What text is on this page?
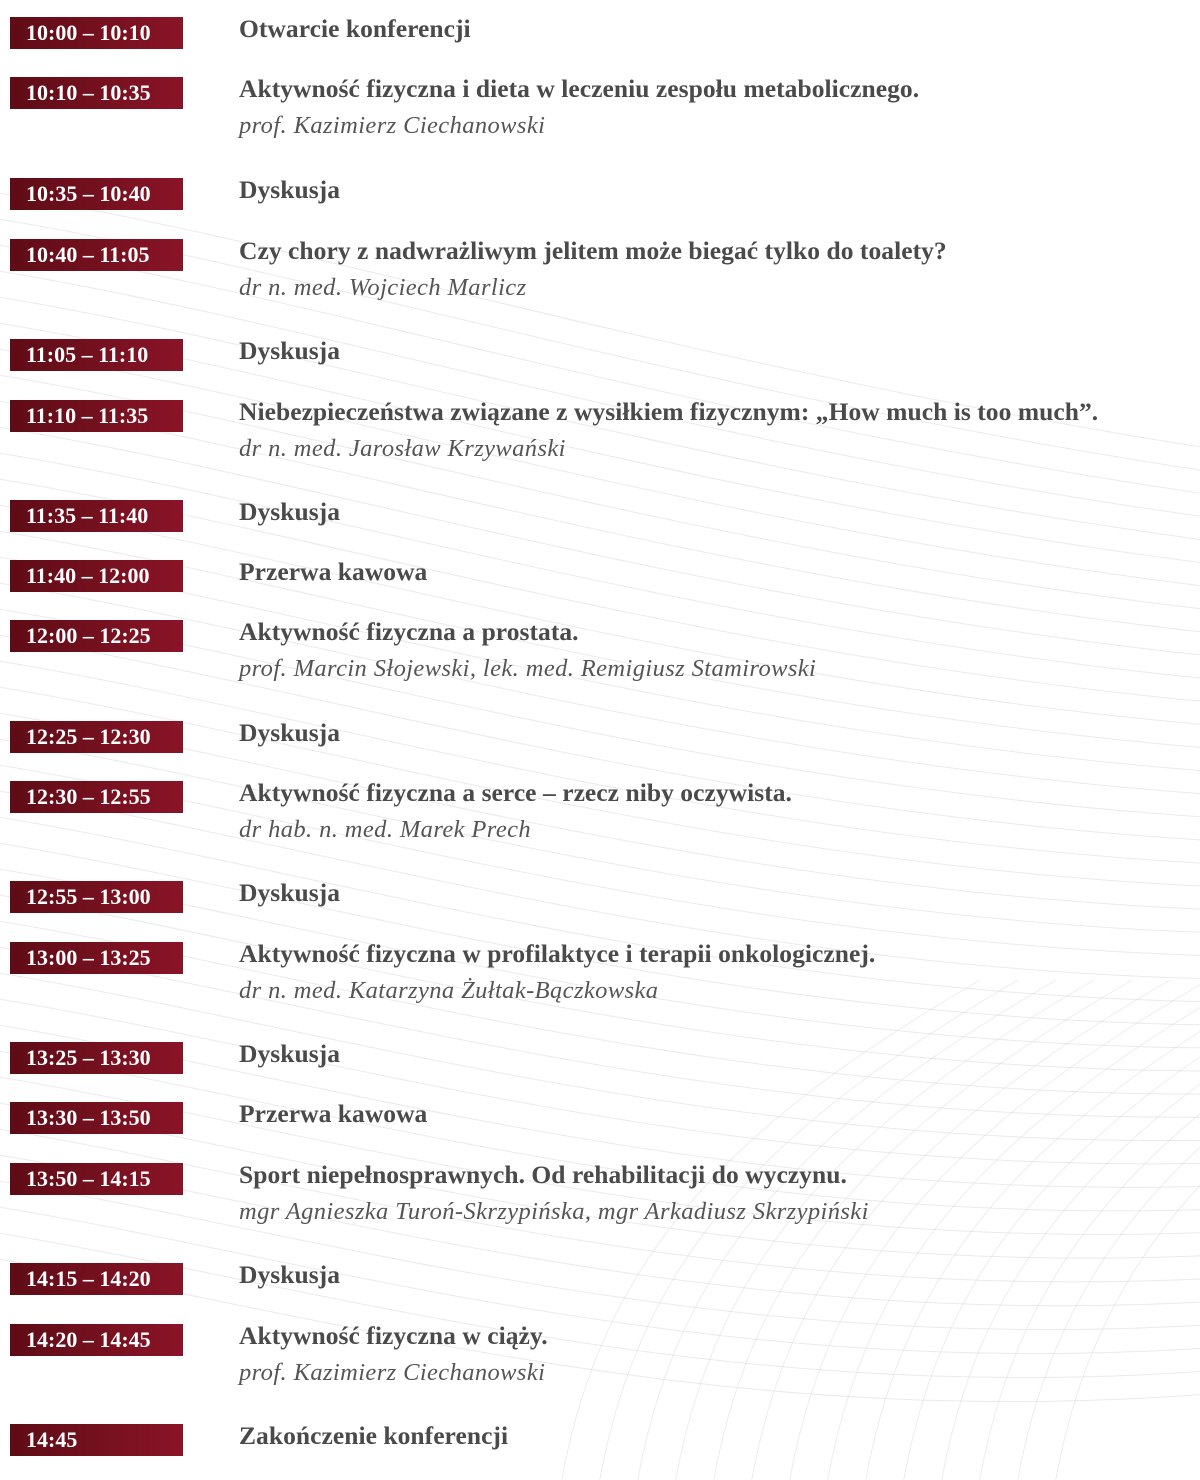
10:00 – 10:10	Otwarcie konferencji
10:10 – 10:35	Aktywność fizyczna i dieta w leczeniu zespołu metabolicznego.
prof. Kazimierz Ciechanowski
10:35 – 10:40	Dyskusja
10:40 – 11:05	Czy chory z nadwrażliwym jelitem może biegać tylko do toalety?
dr n. med. Wojciech Marlicz
11:05 – 11:10	Dyskusja
11:10 – 11:35	Niebezpieczeństwa związane z wysiłkiem fizycznym: „How much is too much”.
dr n. med. Jarosław Krzywański
11:35 – 11:40	Dyskusja
11:40 – 12:00	Przerwa kawowa
12:00 – 12:25	Aktywność fizyczna a prostata.
prof. Marcin Słojewski, lek. med. Remigiusz Stamirowski
12:25 – 12:30	Dyskusja
12:30 – 12:55	Aktywność fizyczna a serce – rzecz niby oczywista.
dr hab. n. med. Marek Prech
12:55 – 13:00	Dyskusja
13:00 – 13:25	Aktywność fizyczna w profilaktyce i terapii onkologicznej.
dr n. med. Katarzyna Żułtak-Bączkowska
13:25 – 13:30	Dyskusja
13:30 – 13:50	Przerwa kawowa
13:50 – 14:15	Sport niepełnosprawnych. Od rehabilitacji do wyczynu.
mgr Agnieszka Turoń-Skrzypińska, mgr Arkadiusz Skrzypiński
14:15 – 14:20	Dyskusja
14:20 – 14:45	Aktywność fizyczna w ciąży.
prof. Kazimierz Ciechanowski
14:45	Zakończenie konferencji
